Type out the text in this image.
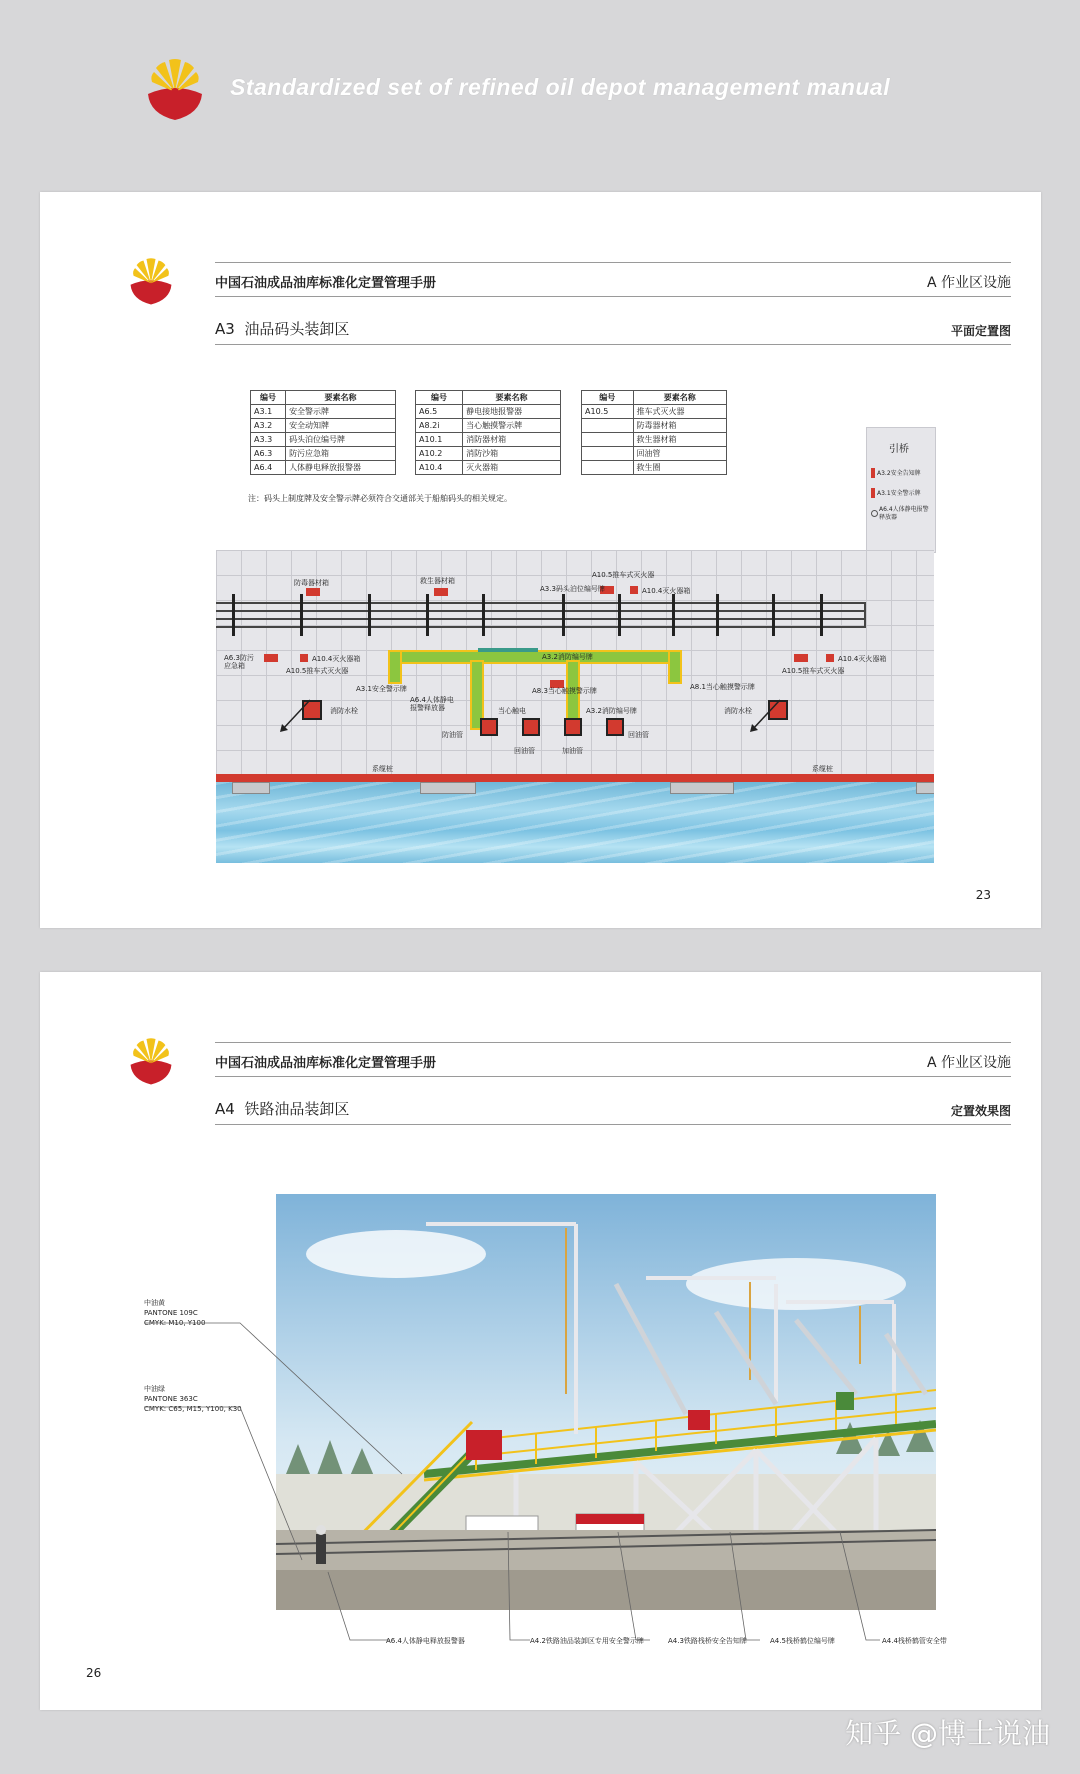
Standardized set of refined oil depot management manual
中国石油成品油库标准化定置管理手册	A 作业区设施
A3 油品码头装卸区	平面定置图
编号	要素名称
A3.1	安全警示牌
A3.2	安全动知牌
A3.3	码头泊位编号牌
A6.3	防污应急箱
A6.4	人体静电释放报警器
编号	要素名称
A6.5	静电接地报警器
A8.2i	当心触摸警示牌
A10.1	消防器材箱
A10.2	消防沙箱
A10.4	灭火器箱
编号	要素名称
A10.5	推车式灭火器
	防毒器材箱
	救生器材箱
	回油管
	救生圈
注：码头上制度牌及安全警示牌必须符合交通部关于船舶码头的相关规定。
引桥
A3.2安全告知牌
A3.1安全警示牌
A6.4人体静电报警释放器
防毒器材箱	救生器材箱
A10.5推车式灭火器
A10.4灭火器箱
A6.3防污应急箱
A10.4灭火器箱
A10.5推车式灭火器
A3.2消防编号牌
A3.3码头泊位编号牌
A10.4灭火器箱
A10.5推车式灭火器
A3.1安全警示牌	A8.3当心触摸警示牌
A6.4人体静电报警释放器
A8.1当心触摸警示牌
当心触电	A3.2消防编号牌
消防水栓	消防水栓
防油管
回油管	加油管
回油管
系缆桩	系缆桩
23
中国石油成品油库标准化定置管理手册	A 作业区设施
A4 铁路油品装卸区	定置效果图
中油黄
PANTONE 109C
CMYK: M10, Y100
中油绿
PANTONE 363C
CMYK: C65, M15, Y100, K30
A6.4人体静电释放报警器	A4.2铁路油品装卸区专用安全警示牌	A4.3铁路栈桥安全告知牌	A4.5栈桥鹤位编号牌	A4.4栈桥鹤管安全带
26
知乎 @博士说油
